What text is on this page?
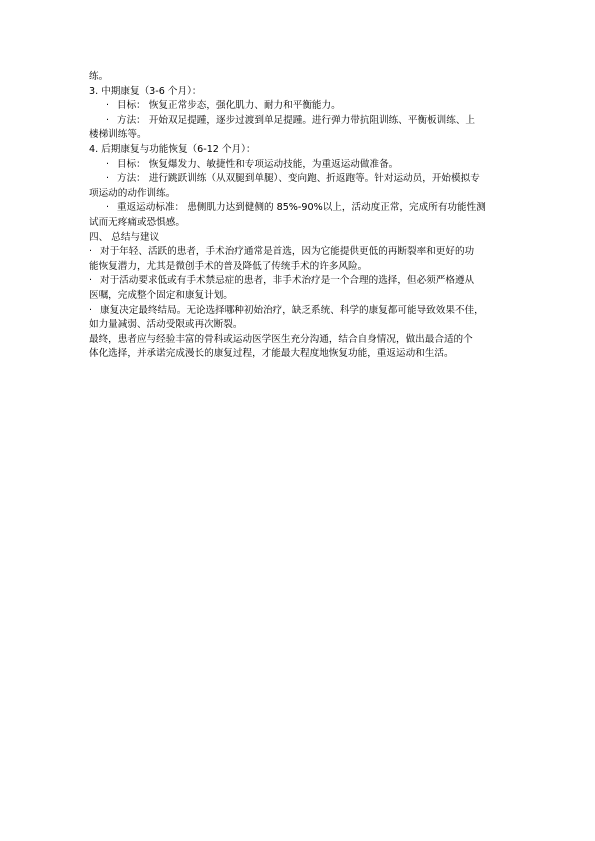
练。
3. 中期康复（3-6 个月）：
· 目标： 恢复正常步态，强化肌力、耐力和平衡能力。
· 方法： 开始双足提踵，逐步过渡到单足提踵。进行弹力带抗阻训练、平衡板训练、上
楼梯训练等。
4. 后期康复与功能恢复（6-12 个月）：
· 目标： 恢复爆发力、敏捷性和专项运动技能，为重返运动做准备。
· 方法： 进行跳跃训练（从双腿到单腿）、变向跑、折返跑等。针对运动员，开始模拟专
项运动的动作训练。
· 重返运动标准： 患侧肌力达到健侧的 85%-90%以上，活动度正常，完成所有功能性测
试而无疼痛或恐惧感。
四、 总结与建议
· 对于年轻、活跃的患者，手术治疗通常是首选，因为它能提供更低的再断裂率和更好的功
能恢复潜力，尤其是微创手术的普及降低了传统手术的许多风险。
· 对于活动要求低或有手术禁忌症的患者，非手术治疗是一个合理的选择，但必须严格遵从
医嘱，完成整个固定和康复计划。
· 康复决定最终结局。无论选择哪种初始治疗，缺乏系统、科学的康复都可能导致效果不佳，
如力量减弱、活动受限或再次断裂。
最终，患者应与经验丰富的骨科或运动医学医生充分沟通，结合自身情况，做出最合适的个
体化选择，并承诺完成漫长的康复过程，才能最大程度地恢复功能，重返运动和生活。
